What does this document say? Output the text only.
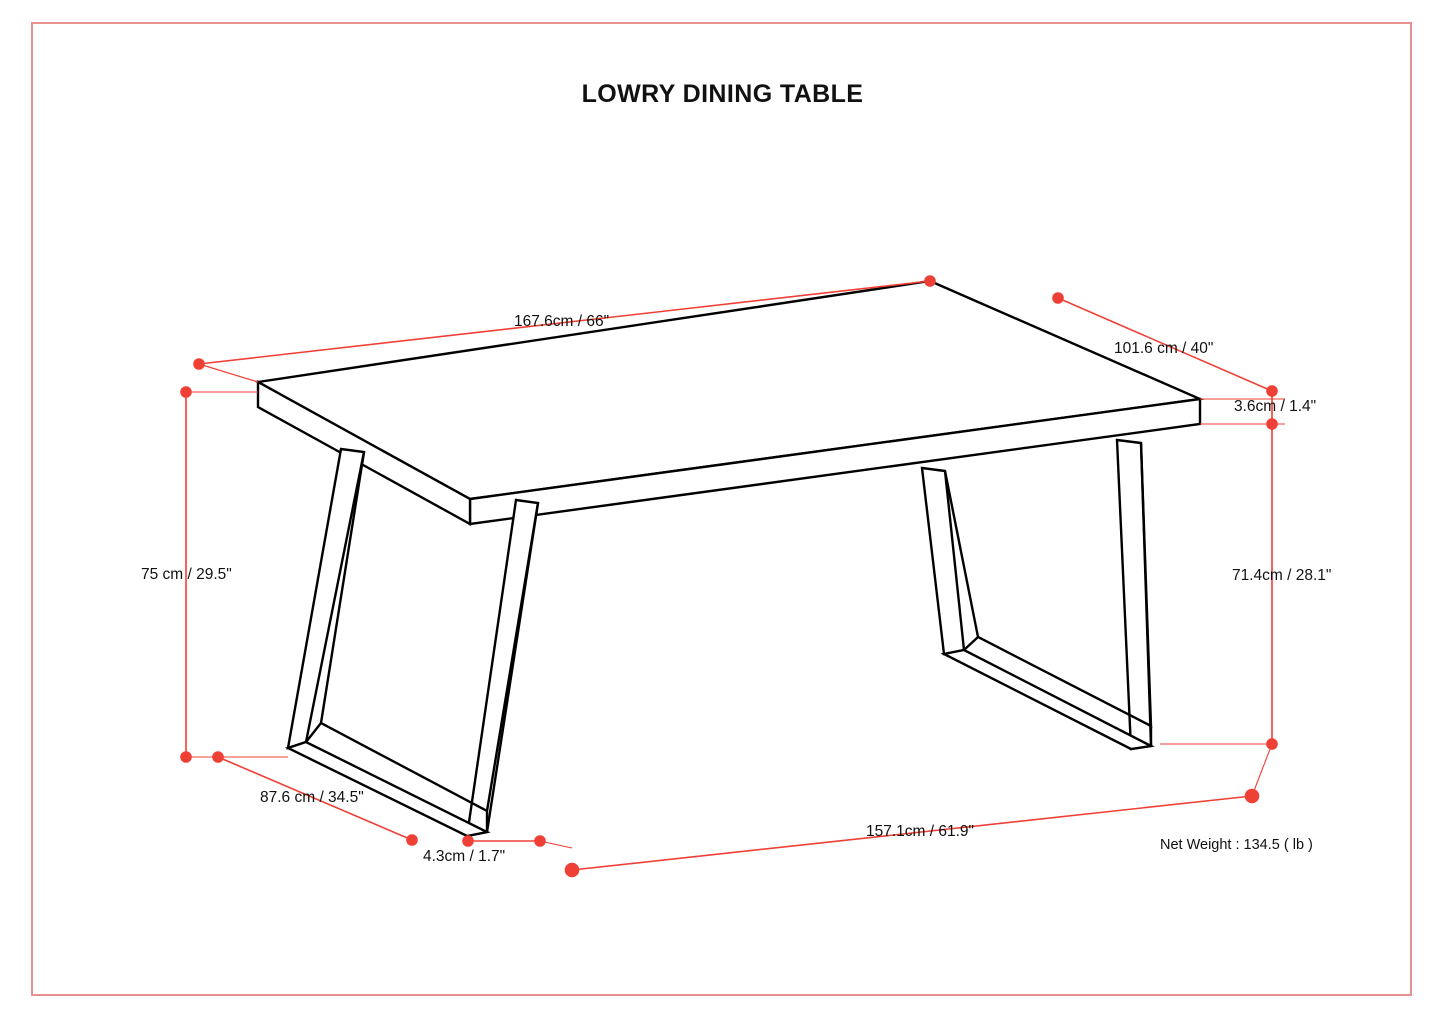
LOWRY DINING TABLE
167.6cm / 66"
101.6 cm / 40"
3.6cm / 1.4"
75 cm / 29.5"	71.4cm / 28.1"
87.6 cm / 34.5"
4.3cm / 1.7"
157.1cm / 61.9"
Net Weight : 134.5 ( lb )
